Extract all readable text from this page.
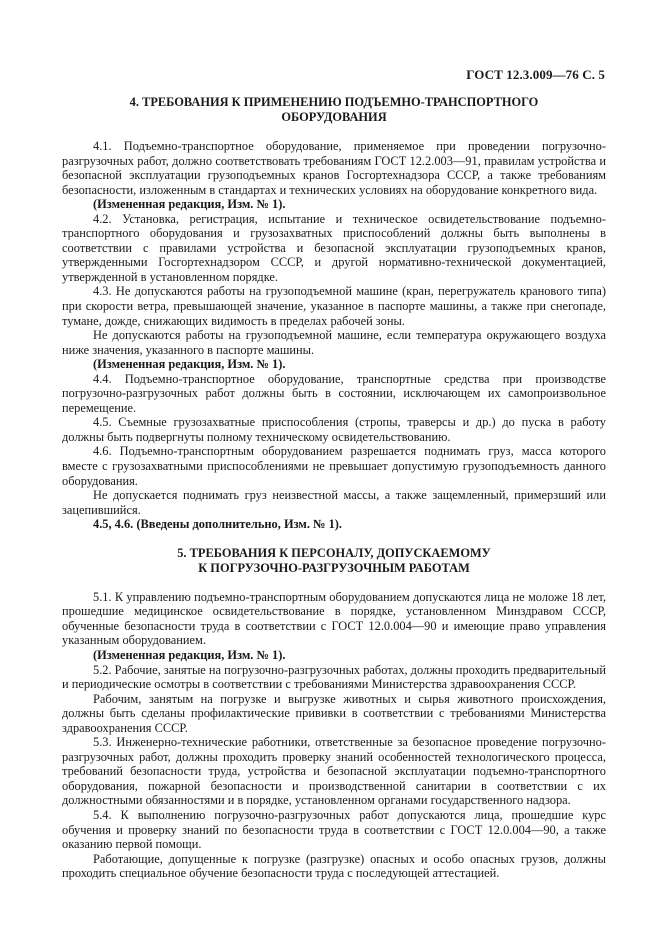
ГОСТ 12.3.009—76 С. 5
4. ТРЕБОВАНИЯ К ПРИМЕНЕНИЮ ПОДЪЕМНО-ТРАНСПОРТНОГО
ОБОРУДОВАНИЯ

4.1. Подъемно-транспортное оборудование, применяемое при проведении погрузочно-разгрузочных работ, должно соответствовать требованиям ГОСТ 12.2.003—91, правилам устройства и безопасной эксплуатации грузоподъемных кранов Госгортехнадзора СССР, а также требованиям безопасности, изложенным в стандартах и технических условиях на оборудование конкретного вида.

(Измененная редакция, Изм. № 1).

4.2. Установка, регистрация, испытание и техническое освидетельствование подъемно-транспортного оборудования и грузозахватных приспособлений должны быть выполнены в соответствии с правилами устройства и безопасной эксплуатации грузоподъемных кранов, утвержденными Госгортехнадзором СССР, и другой нормативно-технической документацией, утвержденной в установленном порядке.

4.3. Не допускаются работы на грузоподъемной машине (кран, перегружатель кранового типа) при скорости ветра, превышающей значение, указанное в паспорте машины, а также при снегопаде, тумане, дожде, снижающих видимость в пределах рабочей зоны.

Не допускаются работы на грузоподъемной машине, если температура окружающего воздуха ниже значения, указанного в паспорте машины.

(Измененная редакция, Изм. № 1).

4.4. Подъемно-транспортное оборудование, транспортные средства при производстве погрузочно-разгрузочных работ должны быть в состоянии, исключающем их самопроизвольное перемещение.

4.5. Съемные грузозахватные приспособления (стропы, траверсы и др.) до пуска в работу должны быть подвергнуты полному техническому освидетельствованию.

4.6. Подъемно-транспортным оборудованием разрешается поднимать груз, масса которого вместе с грузозахватными приспособлениями не превышает допустимую грузоподъемность данного оборудования.

Не допускается поднимать груз неизвестной массы, а также защемленный, примерзший или зацепившийся.

4.5, 4.6. (Введены дополнительно, Изм. № 1).

5. ТРЕБОВАНИЯ К ПЕРСОНАЛУ, ДОПУСКАЕМОМУ
К ПОГРУЗОЧНО-РАЗГРУЗОЧНЫМ РАБОТАМ

5.1. К управлению подъемно-транспортным оборудованием допускаются лица не моложе 18 лет, прошедшие медицинское освидетельствование в порядке, установленном Минздравом СССР, обученные безопасности труда в соответствии с ГОСТ 12.0.004—90 и имеющие право управления указанным оборудованием.

(Измененная редакция, Изм. № 1).

5.2. Рабочие, занятые на погрузочно-разгрузочных работах, должны проходить предварительный и периодические осмотры в соответствии с требованиями Министерства здравоохранения СССР.

Рабочим, занятым на погрузке и выгрузке животных и сырья животного происхождения, должны быть сделаны профилактические прививки в соответствии с требованиями Министерства здравоохранения СССР.

5.3. Инженерно-технические работники, ответственные за безопасное проведение погрузочно-разгрузочных работ, должны проходить проверку знаний особенностей технологического процесса, требований безопасности труда, устройства и безопасной эксплуатации подъемно-транспортного оборудования, пожарной безопасности и производственной санитарии в соответствии с их должностными обязанностями и в порядке, установленном органами государственного надзора.

5.4. К выполнению погрузочно-разгрузочных работ допускаются лица, прошедшие курс обучения и проверку знаний по безопасности труда в соответствии с ГОСТ 12.0.004—90, а также оказанию первой помощи.

Работающие, допущенные к погрузке (разгрузке) опасных и особо опасных грузов, должны проходить специальное обучение безопасности труда с последующей аттестацией.
